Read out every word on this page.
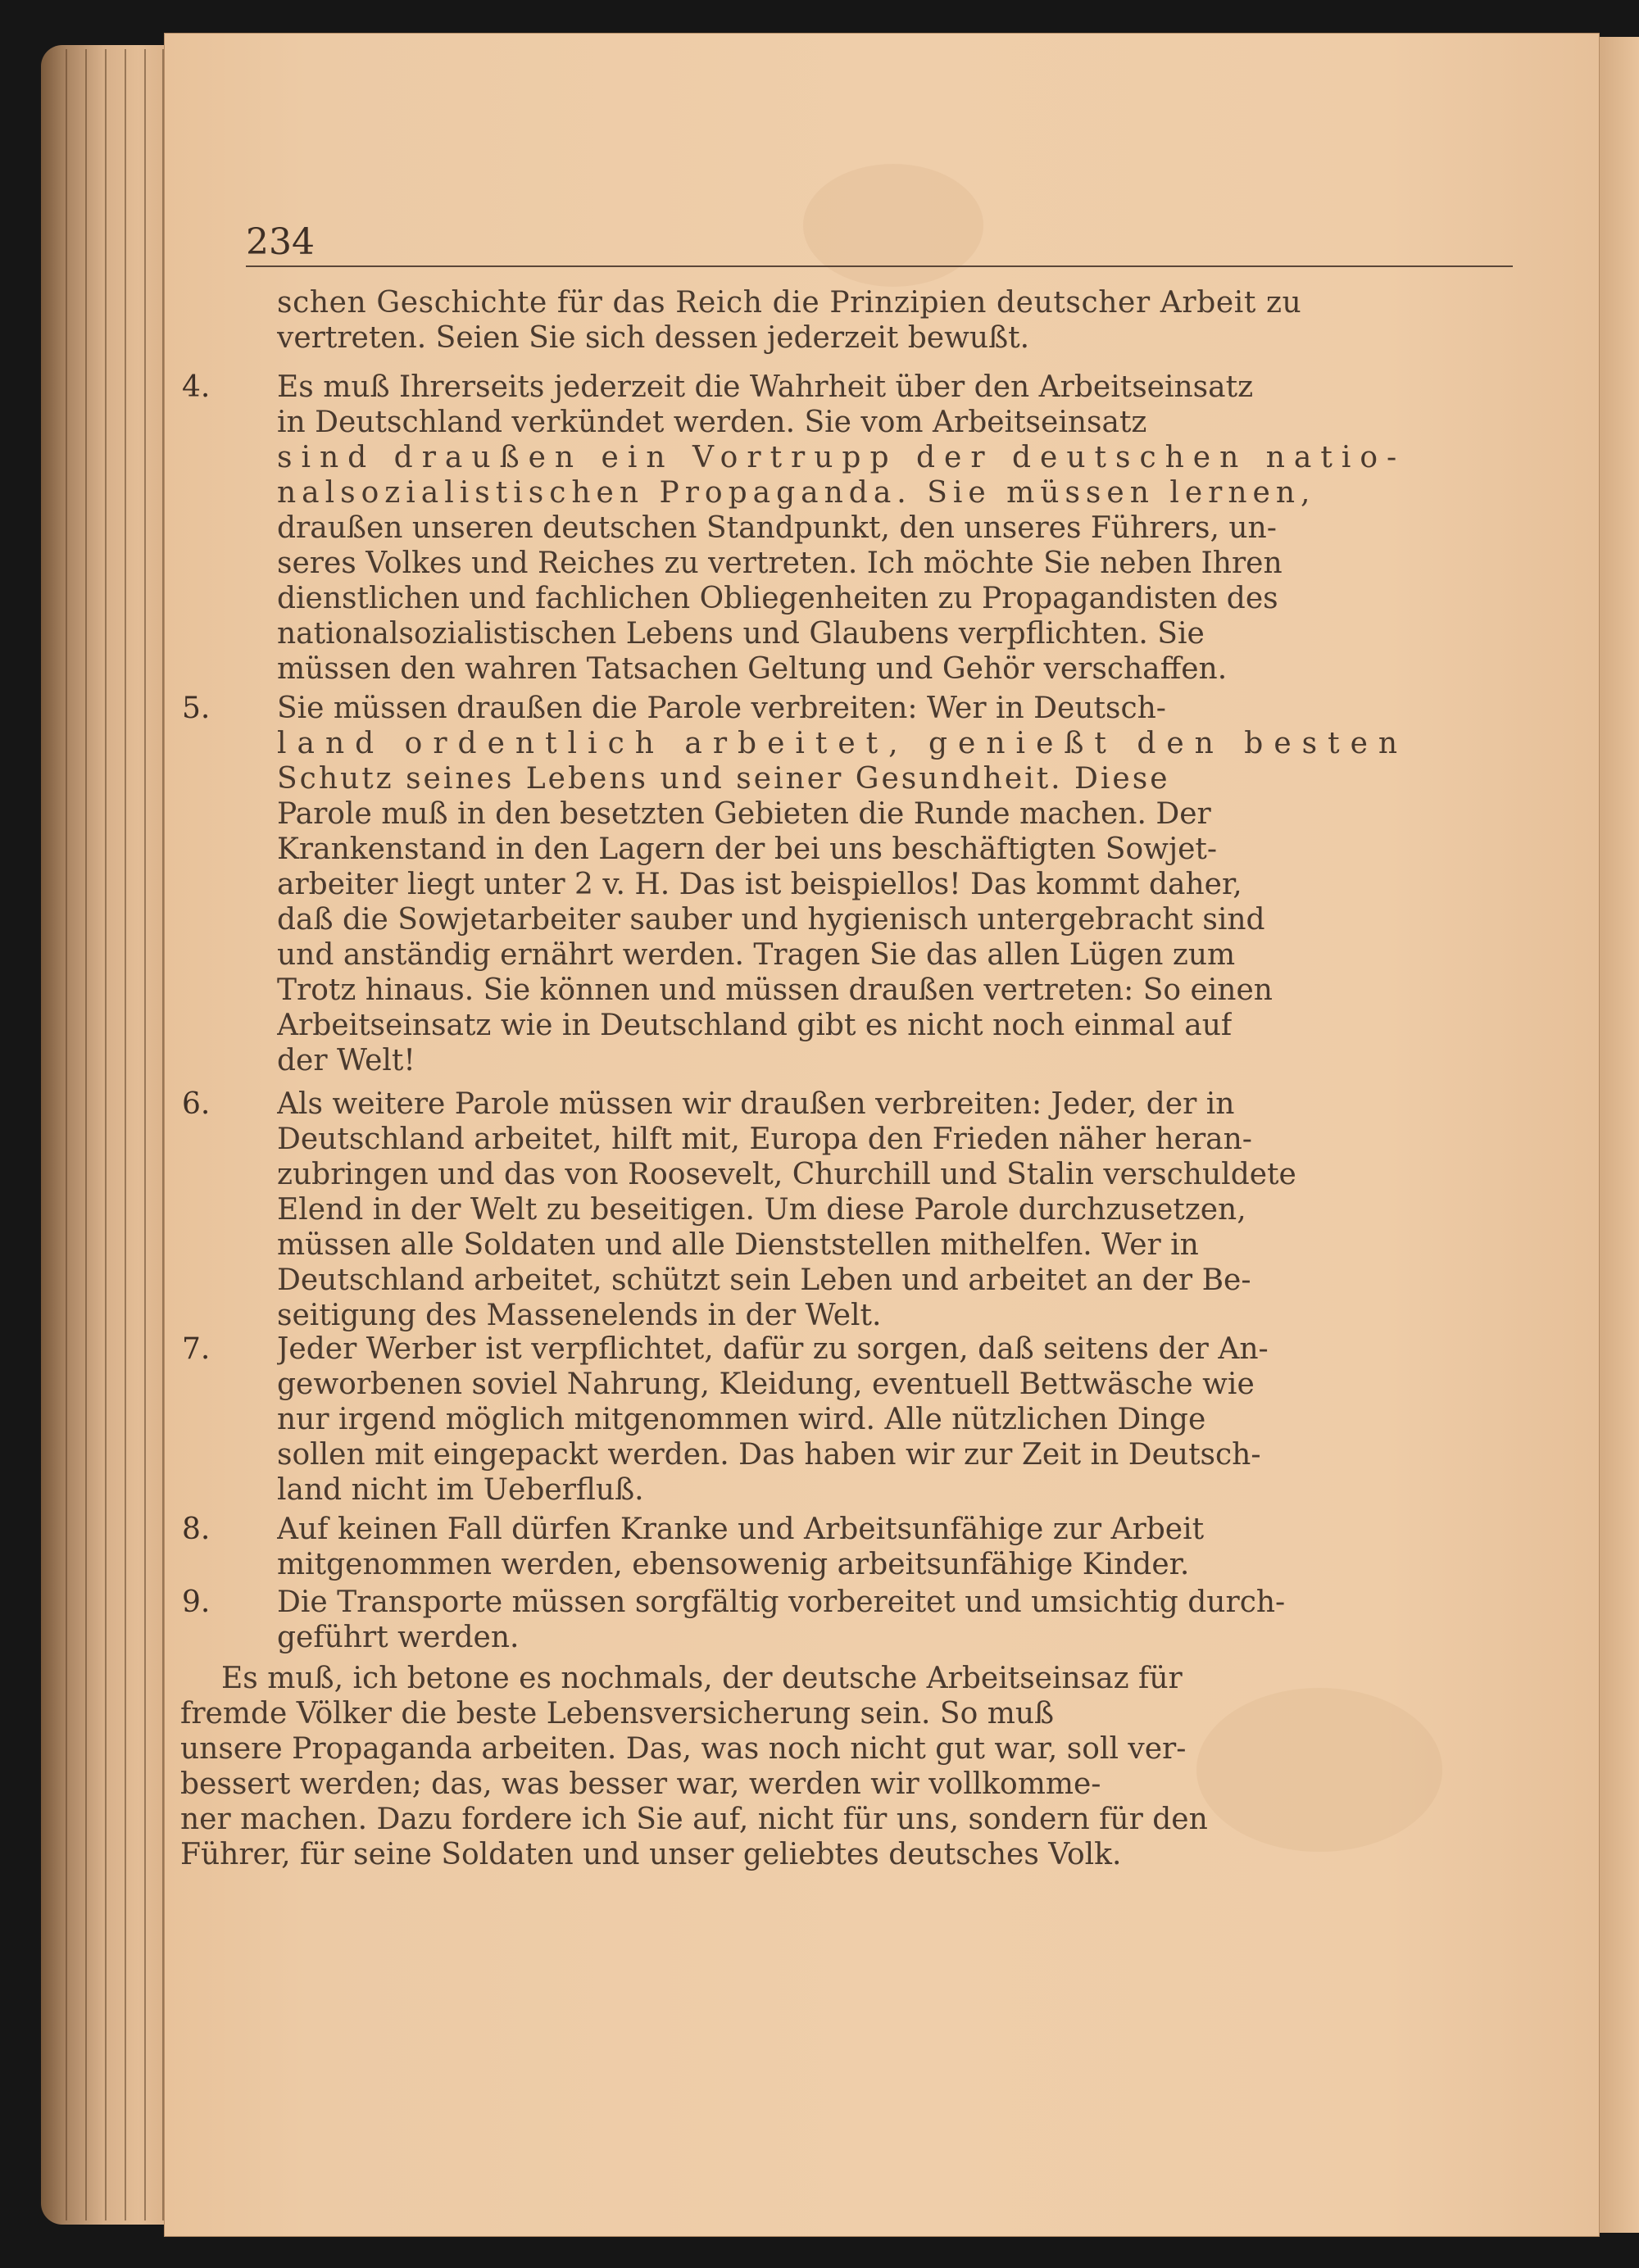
234
4.
5.
6.
7.
8.
9.
schen Geschichte für das Reich die Prinzipien deutscher Arbeit zu
vertreten. Seien Sie sich dessen jederzeit bewußt.
Es muß Ihrerseits jederzeit die Wahrheit über den Arbeitseinsatz
in Deutschland verkündet werden. Sie vom Arbeitseinsatz
sind draußen ein Vortrupp der deutschen natio-
nalsozialistischen Propaganda. Sie müssen lernen,
draußen unseren deutschen Standpunkt, den unseres Führers, un-
seres Volkes und Reiches zu vertreten. Ich möchte Sie neben Ihren
dienstlichen und fachlichen Obliegenheiten zu Propagandisten des
nationalsozialistischen Lebens und Glaubens verpflichten. Sie
müssen den wahren Tatsachen Geltung und Gehör verschaffen.
Sie müssen draußen die Parole verbreiten: Wer in Deutsch-
land ordentlich arbeitet, genießt den besten
Schutz seines Lebens und seiner Gesundheit. Diese
Parole muß in den besetzten Gebieten die Runde machen. Der
Krankenstand in den Lagern der bei uns beschäftigten Sowjet-
arbeiter liegt unter 2 v. H. Das ist beispiellos! Das kommt daher,
daß die Sowjetarbeiter sauber und hygienisch untergebracht sind
und anständig ernährt werden. Tragen Sie das allen Lügen zum
Trotz hinaus. Sie können und müssen draußen vertreten: So einen
Arbeitseinsatz wie in Deutschland gibt es nicht noch einmal auf
der Welt!
Als weitere Parole müssen wir draußen verbreiten: Jeder, der in
Deutschland arbeitet, hilft mit, Europa den Frieden näher heran-
zubringen und das von Roosevelt, Churchill und Stalin verschuldete
Elend in der Welt zu beseitigen. Um diese Parole durchzusetzen,
müssen alle Soldaten und alle Dienststellen mithelfen. Wer in
Deutschland arbeitet, schützt sein Leben und arbeitet an der Be-
seitigung des Massenelends in der Welt.
Jeder Werber ist verpflichtet, dafür zu sorgen, daß seitens der An-
geworbenen soviel Nahrung, Kleidung, eventuell Bettwäsche wie
nur irgend möglich mitgenommen wird. Alle nützlichen Dinge
sollen mit eingepackt werden. Das haben wir zur Zeit in Deutsch-
land nicht im Ueberfluß.
Auf keinen Fall dürfen Kranke und Arbeitsunfähige zur Arbeit
mitgenommen werden, ebensowenig arbeitsunfähige Kinder.
Die Transporte müssen sorgfältig vorbereitet und umsichtig durch-
geführt werden.
Es muß, ich betone es nochmals, der deutsche Arbeitseinsaz für
fremde Völker die beste Lebensversicherung sein. So muß
unsere Propaganda arbeiten. Das, was noch nicht gut war, soll ver-
bessert werden; das, was besser war, werden wir vollkomme-
ner machen. Dazu fordere ich Sie auf, nicht für uns, sondern für den
Führer, für seine Soldaten und unser geliebtes deutsches Volk.
